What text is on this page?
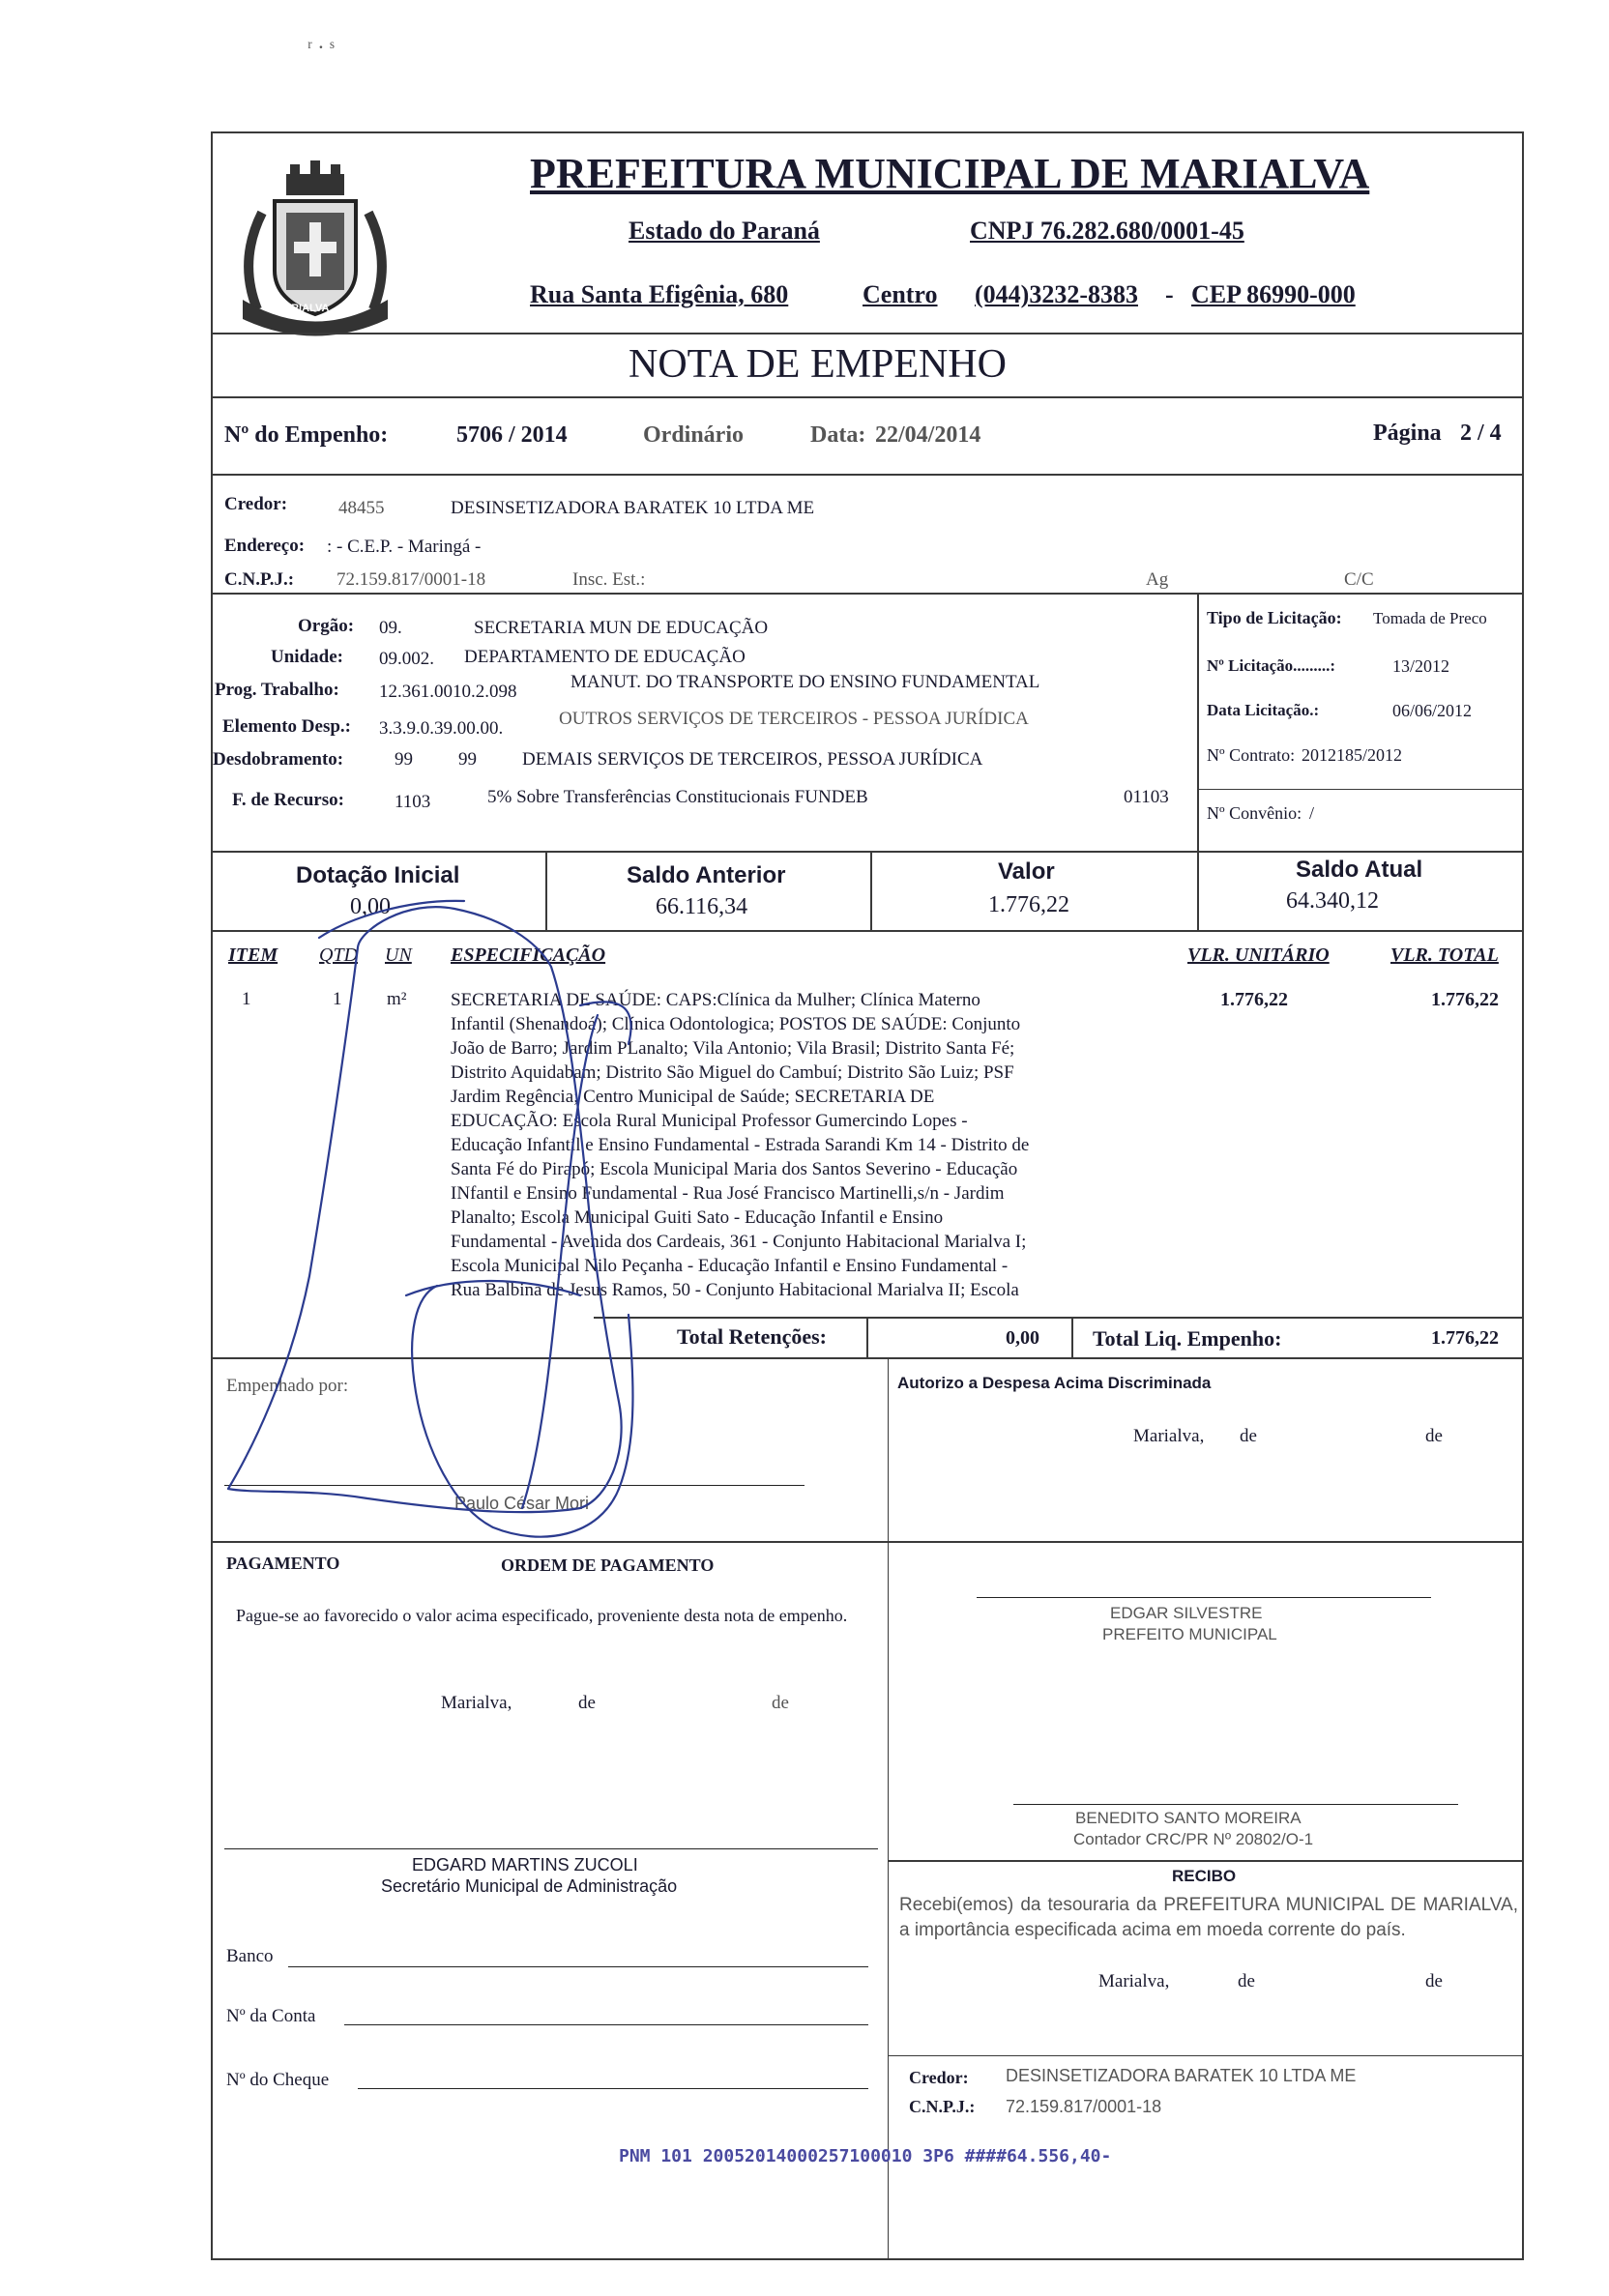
ʳ · ˢ
MARIALVA
PREFEITURA MUNICIPAL DE MARIALVA
Estado do Paraná	CNPJ 76.282.680/0001-45
Rua Santa Efigênia, 680	Centro (044)3232-8383 - CEP 86990-000
NOTA DE EMPENHO
Nº do Empenho:	5706 / 2014	Ordinário	Data: 22/04/2014	Página 2 / 4
Credor:	48455	DESINSETIZADORA BARATEK 10 LTDA ME
Endereço: : - C.E.P. - Maringá -
C.N.P.J.: 72.159.817/0001-18	Insc. Est.:	Ag	C/C
Orgão: 09.	SECRETARIA MUN DE EDUCAÇÃO
Unidade: 09.002. DEPARTAMENTO DE EDUCAÇÃO
Prog. Trabalho: 12.361.0010.2.098	MANUT. DO TRANSPORTE DO ENSINO FUNDAMENTAL
Elemento Desp.: 3.3.9.0.39.00.00.	OUTROS SERVIÇOS DE TERCEIROS - PESSOA JURÍDICA
Desdobramento:	99 99 DEMAIS SERVIÇOS DE TERCEIROS, PESSOA JURÍDICA
F. de Recurso:	1103	5% Sobre Transferências Constitucionais FUNDEB	01103
Tipo de Licitação: Tomada de Preco
Nº Licitação.........:	13/2012
Data Licitação.:	06/06/2012
Nº Contrato: 2012185/2012
Nº Convênio: /
Dotação Inicial
0,00
Saldo Anterior
66.116,34
Valor
1.776,22
Saldo Atual
64.340,12
ITEM QTD UN ESPECIFICAÇÃO	VLR. UNITÁRIO	VLR. TOTAL
1	1 m²	1.776,22	1.776,22
SECRETARIA DE SAÚDE: CAPS:Clínica da Mulher; Clínica Materno
Infantil (Shenandoá); Clínica Odontologica; POSTOS DE SAÚDE: Conjunto
João de Barro; Jardim PLanalto; Vila Antonio; Vila Brasil; Distrito Santa Fé;
Distrito Aquidabam; Distrito São Miguel do Cambuí; Distrito São Luiz; PSF
Jardim Regência; Centro Municipal de Saúde; SECRETARIA DE
EDUCAÇÃO: Escola Rural Municipal Professor Gumercindo Lopes -
Educação Infantil e Ensino Fundamental - Estrada Sarandi Km 14 - Distrito de
Santa Fé do Pirapó; Escola Municipal Maria dos Santos Severino - Educação
INfantil e Ensino Fundamental - Rua José Francisco Martinelli,s/n - Jardim
Planalto; Escola Municipal Guiti Sato - Educação Infantil e Ensino
Fundamental - Avenida dos Cardeais, 361 - Conjunto Habitacional Marialva I;
Escola Municipal Nilo Peçanha - Educação Infantil e Ensino Fundamental -
Rua Balbina de Jesus Ramos, 50 - Conjunto Habitacional Marialva II; Escola
Total Retenções:	0,00	Total Liq. Empenho:	1.776,22
Empenhado por:
Paulo César Mori
Autorizo a Despesa Acima Discriminada
Marialva, de	de
PAGAMENTO	ORDEM DE PAGAMENTO
Pague-se ao favorecido o valor acima especificado, proveniente desta nota de empenho.
Marialva,	de	de
EDGAR SILVESTRE
PREFEITO MUNICIPAL
BENEDITO SANTO MOREIRA
Contador CRC/PR Nº 20802/O-1
EDGARD MARTINS ZUCOLI
Secretário Municipal de Administração
RECIBO
Recebi(emos) da tesouraria da PREFEITURA MUNICIPAL DE MARIALVA, a importância especificada acima em moeda corrente do país.
Marialva,	de	de
Banco
Nº da Conta
Nº do Cheque	Credor: DESINSETIZADORA BARATEK 10 LTDA ME
C.N.P.J.: 72.159.817/0001-18
PNM 101 20052014000257100010 3P6 ####64.556,40-
